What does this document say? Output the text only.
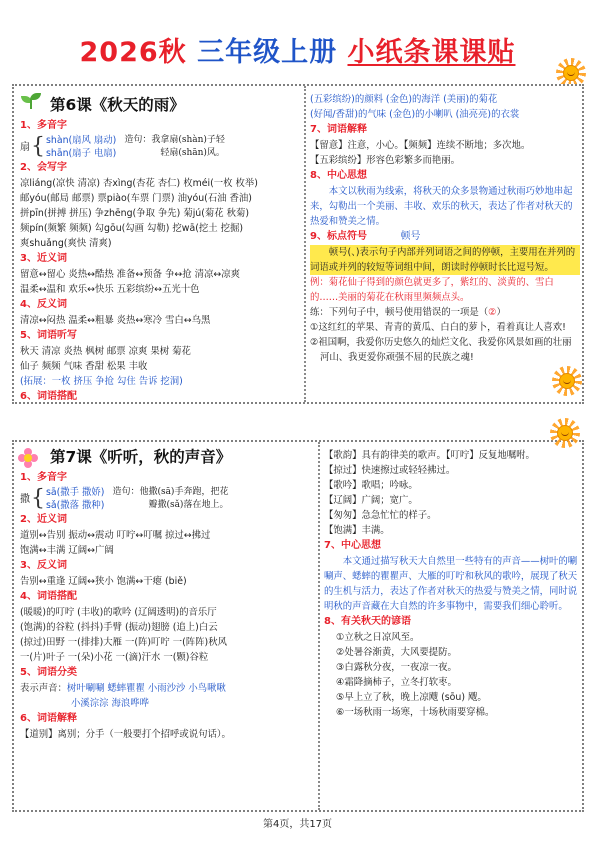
2026秋 三年级上册 小纸条课课贴
第6课《秋天的雨》
1、多音字
扇 { shàn(扇风 扇动)
shān(扇子 电扇)
造句：我拿扇(shàn)子轻
轻扇(shān)风。
2、会写字
凉liáng(凉快 清凉) 杏xìng(杏花 杏仁) 枚méi(一枚 枚举)
邮yóu(邮局 邮票) 票piào(车票 门票) 油yóu(石油 香油)
拼pīn(拼搏 拼压) 争zhēng(争取 争先) 菊jú(菊花 秋菊)
频pín(频繁 频频) 勾gōu(勾画 勾勒) 挖wā(挖土 挖掘)
爽shuǎng(爽快 清爽)
3、近义词
留意↔留心 炎热↔酷热 准备↔预备 争↔抢 清凉↔凉爽
温柔↔温和 欢乐↔快乐 五彩缤纷↔五光十色
4、反义词
清凉↔闷热 温柔↔粗暴 炎热↔寒冷 雪白↔乌黑
5、词语听写
秋天 清凉 炎热 枫树 邮票 凉爽 果树 菊花
仙子 频频 气味 香甜 松果 丰收
(拓展：一枚 挤压 争抢 勾住 告诉 挖洞)
6、词语搭配
(五彩缤纷)的颜料 (金色)的海洋 (美丽)的菊花
(好闻/香甜)的气味 (金色)的小喇叭 (油亮亮)的衣裳
7、词语解释
【留意】注意，小心。【频频】连续不断地；多次地。
【五彩缤纷】形容色彩繁多而艳丽。
8、中心思想
本文以秋雨为线索，将秋天的众多景物通过秋雨巧妙地串起来，勾勒出一个美丽、丰收、欢乐的秋天，表达了作者对秋天的热爱和赞美之情。
9、标点符号	顿号
顿号(、)表示句子内部并列词语之间的停顿，主要用在并列的词语或并列的较短等词组中间，朗读时停顿时长比逗号短。
例：菊花仙子得到的颜色就更多了，紫红的、淡黄的、雪白的……美丽的菊花在秋雨里频频点头。
练：下列句子中，顿号使用错误的一项是（②）
①这红红的苹果、青青的黄瓜、白白的萝卜，看着真让人喜欢!
②祖国啊，我爱你历史悠久的灿烂文化、我爱你风景如画的壮丽河山、我更爱你顽强不屈的民族之魂!
第7课《听听，秋的声音》
1、多音字
撒 { sā(撒手 撒娇)
sǎ(撒落 撒种)
造句：他撒(sā)手奔跑，把花
瓣撒(sǎ)落在地上。
2、近义词
道别↔告别 振动↔震动 叮咛↔叮嘱 掠过↔拂过
饱满↔丰满 辽阔↔广阔
3、反义词
告别↔重逢 辽阔↔狭小 饱满↔干瘪 (biě)
4、词语搭配
(暖暖)的叮咛 (丰收)的歌吟 (辽阔透明)的音乐厅
(饱满)的谷粒 (抖抖)手臂 (振动)翅膀 (追上)白云
(掠过)田野 一(排排)大雁 一(阵)叮咛 一(阵阵)秋风
一(片)叶子 一(朵)小花 一(滴)汗水 一(颗)谷粒
5、词语分类
表示声音：树叶唰唰 蟋蟀瞿瞿 小雨沙沙 小鸟啾啾
小溪淙淙 海浪哗哗
6、词语解释
【道别】离别；分手（一般要打个招呼或说句话）。
【歌韵】具有韵律美的歌声。【叮咛】反复地嘱咐。
【掠过】快速擦过或轻轻拂过。
【歌吟】歌唱；吟咏。
【辽阔】广阔；宽广。
【匆匆】急急忙忙的样子。
【饱满】丰满。
7、中心思想
本文通过描写秋天大自然里一些特有的声音——树叶的唰唰声、蟋蟀的瞿瞿声、大雁的叮咛和秋风的歌吟，展现了秋天的生机与活力，表达了作者对秋天的热爱与赞美之情，同时说明秋的声音藏在大自然的许多事物中，需要我们细心聆听。
8、有关秋天的谚语
①立秋之日凉风至。
②处暑谷渐黄，大风要提防。
③白露秋分夜，一夜凉一夜。
④霜降摘柿子，立冬打软枣。
⑤早上立了秋，晚上凉飕 (sōu) 飕。
⑥一场秋雨一场寒，十场秋雨要穿棉。
第4页，共17页
